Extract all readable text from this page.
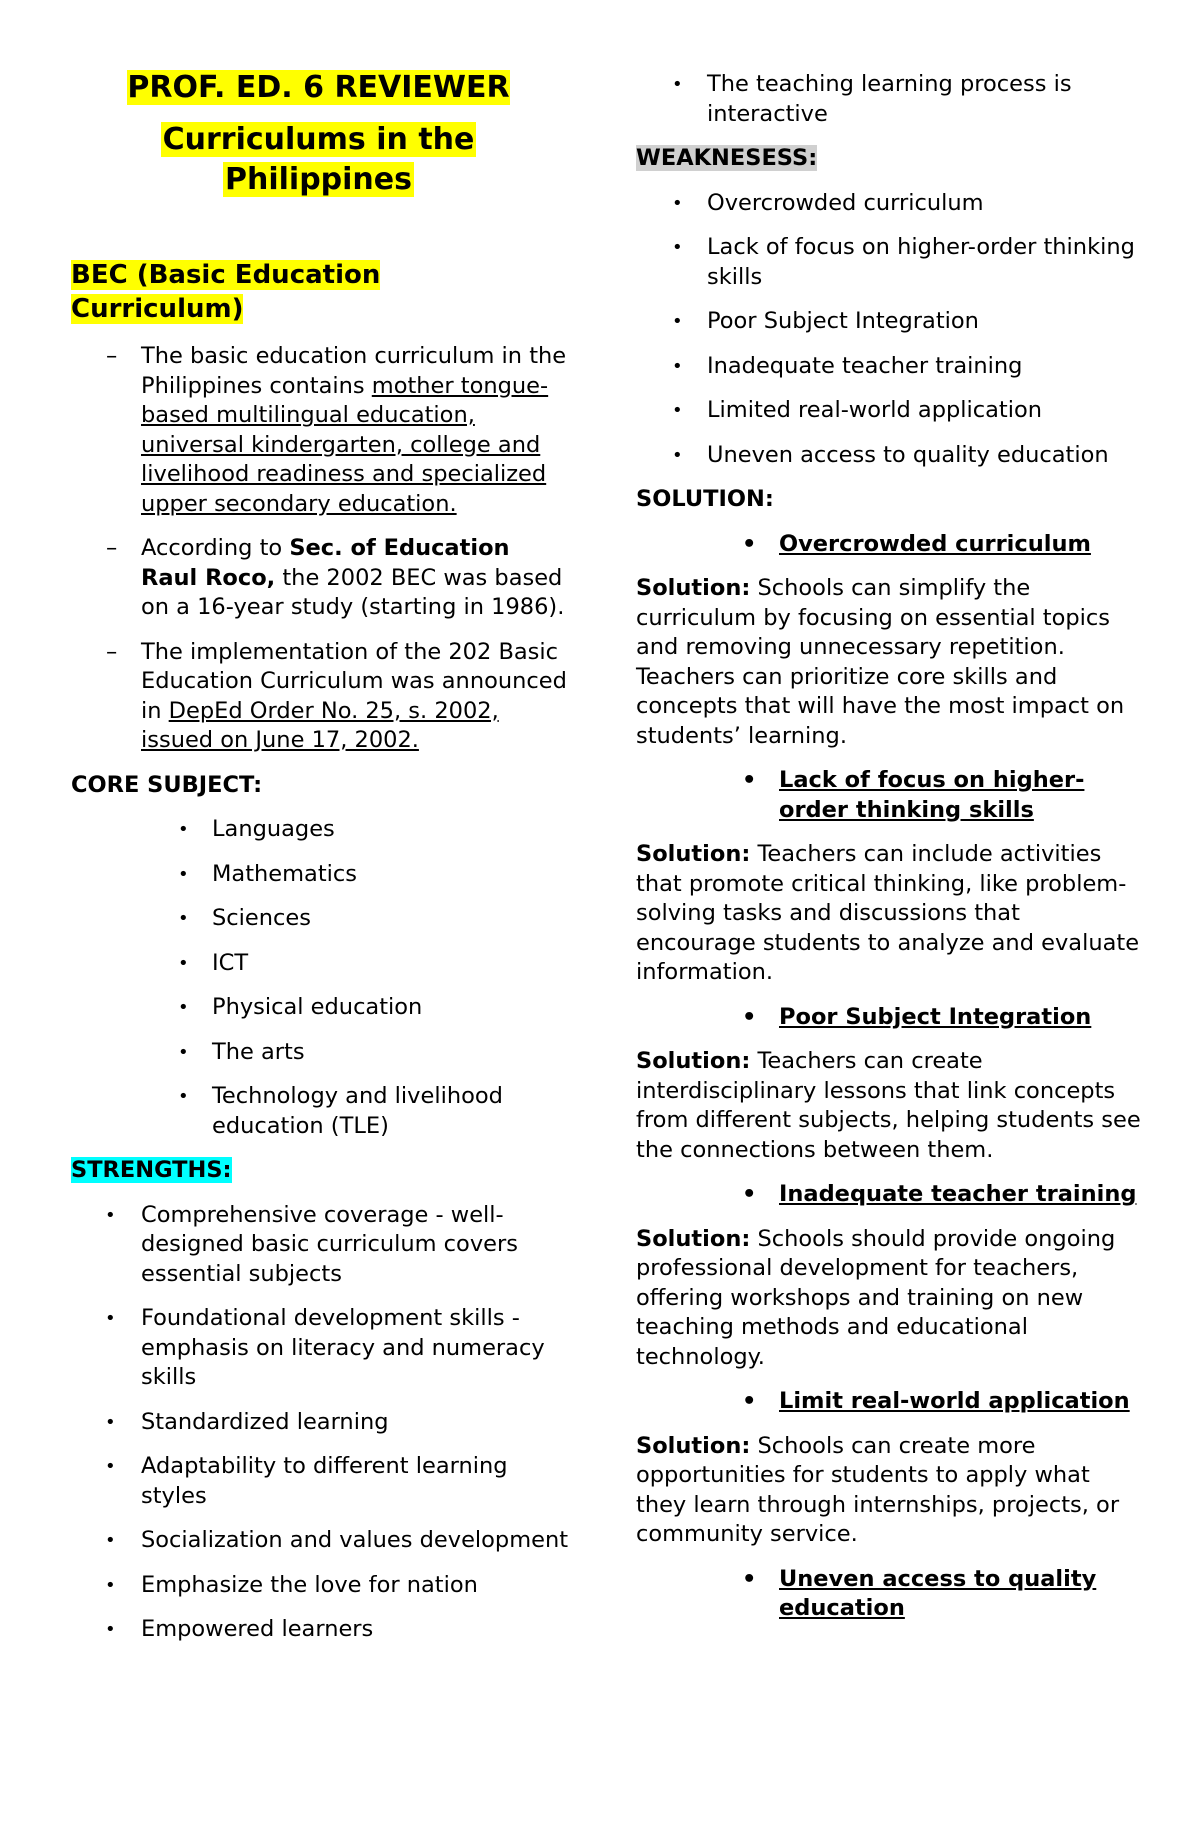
PROF. ED. 6 REVIEWER
Curriculums in the
Philippines
BEC (Basic Education
Curriculum)
– The basic education curriculum in the Philippines contains mother tongue-based multilingual education, universal kindergarten, college and livelihood readiness and specialized upper secondary education.
– According to Sec. of Education Raul Roco, the 2002 BEC was based on a 16-year study (starting in 1986).
– The implementation of the 202 Basic Education Curriculum was announced in DepEd Order No. 25, s. 2002, issued on June 17, 2002.

CORE SUBJECT:

• Languages
• Mathematics
• Sciences
• ICT
• Physical education
• The arts
• Technology and livelihood education (TLE)

STRENGTHS:

• Comprehensive coverage - well-designed basic curriculum covers essential subjects
• Foundational development skills - emphasis on literacy and numeracy skills
• Standardized learning
• Adaptability to different learning styles
• Socialization and values development
• Emphasize the love for nation
• Empowered learners
• The teaching learning process is interactive

WEAKNESESS:

• Overcrowded curriculum
• Lack of focus on higher-order thinking skills
• Poor Subject Integration
• Inadequate teacher training
• Limited real-world application
• Uneven access to quality education

SOLUTION:

• Overcrowded curriculum

Solution: Schools can simplify the curriculum by focusing on essential topics and removing unnecessary repetition. Teachers can prioritize core skills and concepts that will have the most impact on students’ learning.

• Lack of focus on higher-order thinking skills

Solution: Teachers can include activities that promote critical thinking, like problem-solving tasks and discussions that encourage students to analyze and evaluate information.

• Poor Subject Integration

Solution: Teachers can create interdisciplinary lessons that link concepts from different subjects, helping students see the connections between them.

• Inadequate teacher training

Solution: Schools should provide ongoing professional development for teachers, offering workshops and training on new teaching methods and educational technology.

• Limit real-world application

Solution: Schools can create more opportunities for students to apply what they learn through internships, projects, or community service.

• Uneven access to quality education
